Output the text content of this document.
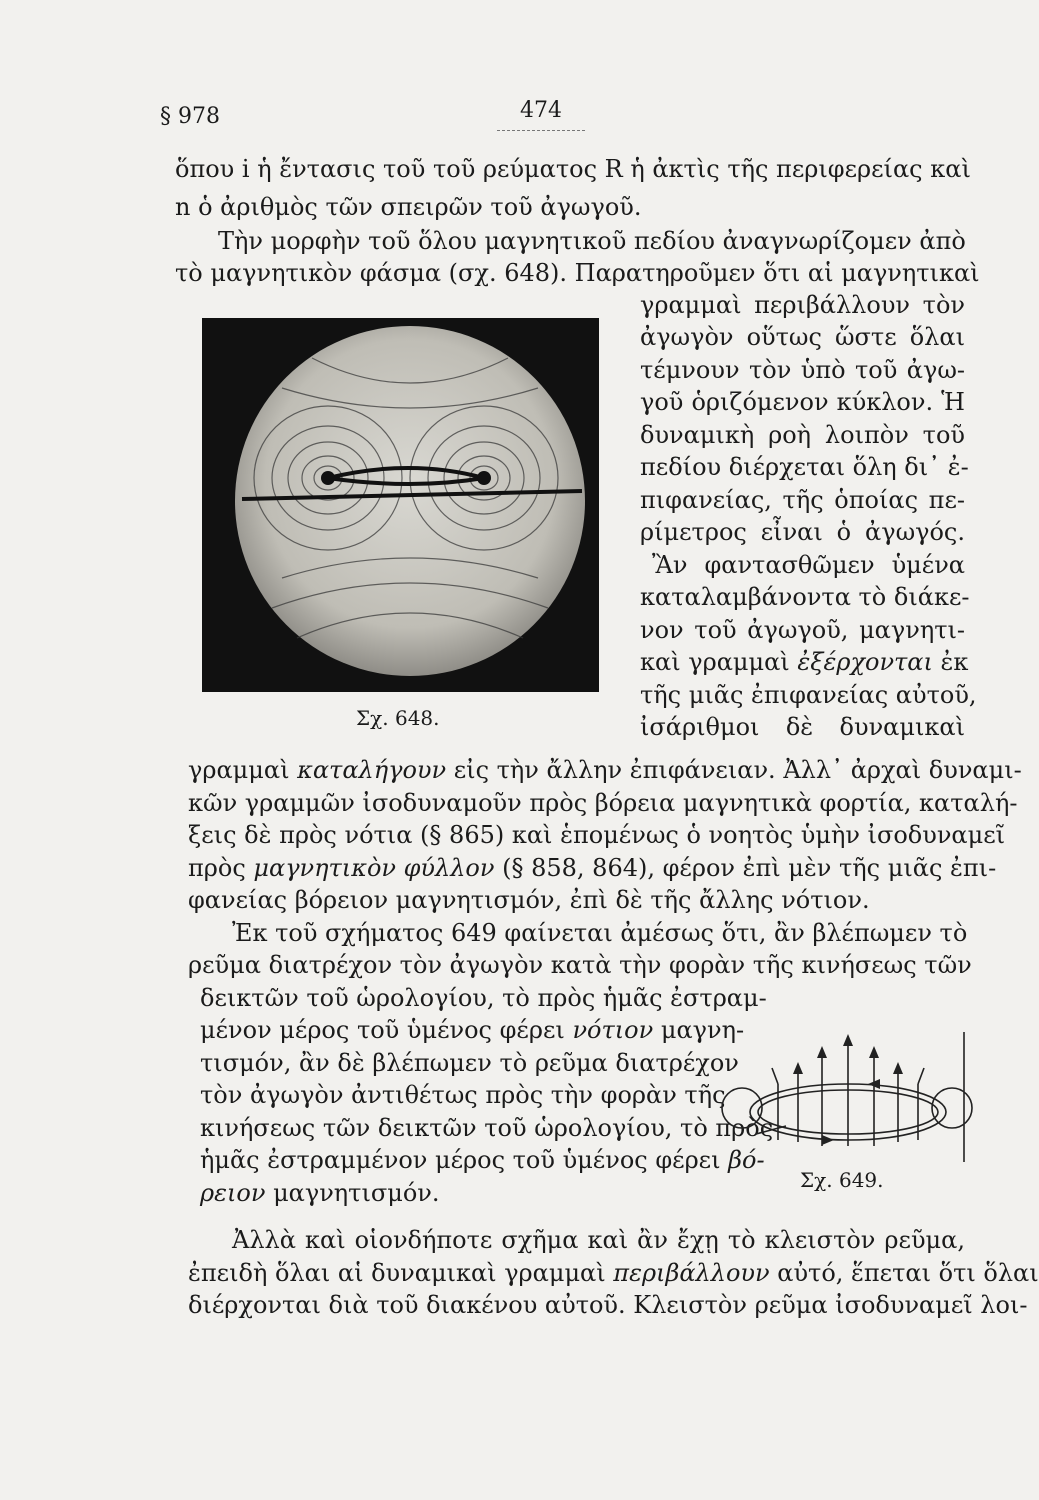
§ 978	474
ὅπου i ἡ ἔντασις τοῦ τοῦ ρεύματος R ἡ ἀκτὶς τῆς περιφερείας καὶ
n ὁ ἀριθμὸς τῶν σπειρῶν τοῦ ἀγωγοῦ.
Τὴν μορφὴν τοῦ ὅλου μαγνητικοῦ πεδίου ἀναγνωρίζομεν ἀπὸ
τὸ μαγνητικὸν φάσμα (σχ. 648). Παρατηροῦμεν ὅτι αἱ μαγνητικαὶ
Σχ. 648.
γραμμαὶ περιβάλλουν τὸν
ἀγωγὸν οὕτως ὥστε ὅλαι
τέμνουν τὸν ὑπὸ τοῦ ἀγω-
γοῦ ὁριζόμενον κύκλον. Ἡ
δυναμικὴ ροὴ λοιπὸν τοῦ
πεδίου διέρχεται ὅλη δι᾿ ἐ-
πιφανείας, τῆς ὁποίας πε-
ρίμετρος εἶναι ὁ ἀγωγός.
Ἂν φαντασθῶμεν ὑμένα
καταλαμβάνοντα τὸ διάκε-
νον τοῦ ἀγωγοῦ, μαγνητι-
καὶ γραμμαὶ ἐξέρχονται ἐκ
τῆς μιᾶς ἐπιφανείας αὐτοῦ,
ἰσάριθμοι δὲ δυναμικαὶ
γραμμαὶ καταλήγουν εἰς τὴν ἄλλην ἐπιφάνειαν. Ἀλλ᾿ ἀρχαὶ δυναμι-
κῶν γραμμῶν ἰσοδυναμοῦν πρὸς βόρεια μαγνητικὰ φορτία, καταλή-
ξεις δὲ πρὸς νότια (§ 865) καὶ ἑπομένως ὁ νοητὸς ὑμὴν ἰσοδυναμεῖ
πρὸς μαγνητικὸν φύλλον (§ 858, 864), φέρον ἐπὶ μὲν τῆς μιᾶς ἐπι-
φανείας βόρειον μαγνητισμόν, ἐπὶ δὲ τῆς ἄλλης νότιον.
Ἐκ τοῦ σχήματος 649 φαίνεται ἀμέσως ὅτι, ἂν βλέπωμεν τὸ
ρεῦμα διατρέχον τὸν ἀγωγὸν κατὰ τὴν φορὰν τῆς κινήσεως τῶν
δεικτῶν τοῦ ὡρολογίου, τὸ πρὸς ἡμᾶς ἐστραμ-
μένον μέρος τοῦ ὑμένος φέρει νότιον μαγνη-
τισμόν, ἂν δὲ βλέπωμεν τὸ ρεῦμα διατρέχον
τὸν ἀγωγὸν ἀντιθέτως πρὸς τὴν φορὰν τῆς
κινήσεως τῶν δεικτῶν τοῦ ὡρολογίου, τὸ πρὸς
ἡμᾶς ἐστραμμένον μέρος τοῦ ὑμένος φέρει βό-
ρειον μαγνητισμόν.	Σχ. 649.
Ἀλλὰ καὶ οἱονδήποτε σχῆμα καὶ ἂν ἔχῃ τὸ κλειστὸν ρεῦμα,
ἐπειδὴ ὅλαι αἱ δυναμικαὶ γραμμαὶ περιβάλλουν αὐτό, ἕπεται ὅτι ὅλαι
διέρχονται διὰ τοῦ διακένου αὐτοῦ. Κλειστὸν ρεῦμα ἰσοδυναμεῖ λοι-
